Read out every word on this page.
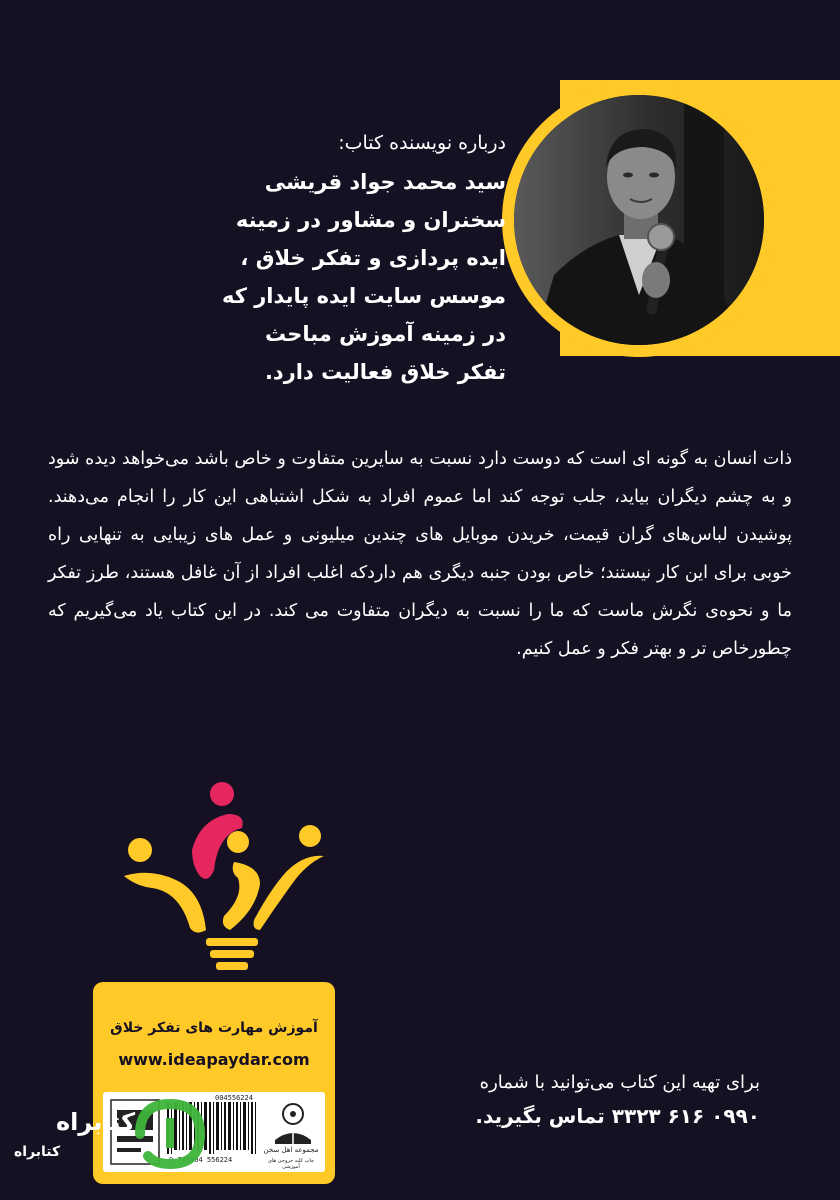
درباره نویسنده کتاب:

سید محمد جواد قریشی سخنران و مشاور در زمینه ایده پردازی و تفکر خلاق ، موسس سایت ایده پایدار که در زمینه آموزش مباحث تفکر خلاق فعالیت دارد.

ذات انسان به گونه ای است که دوست دارد نسبت به سایرین متفاوت و خاص باشد می‌خواهد دیده شود و به چشم دیگران بیاید، جلب توجه کند اما عموم افراد به شکل اشتباهی این کار را انجام می‌دهند. پوشیدن لباس‌های گران قیمت، خریدن موبایل های چندین میلیونی و عمل های زیبایی به تنهایی راه خوبی برای این کار نیستند؛ خاص بودن جنبه دیگری هم داردکه اغلب افراد از آن غافل هستند، طرز تفکر ما و نحوه‌ی نگرش ماست که ما را نسبت به دیگران متفاوت می کند. در این کتاب یاد می‌گیریم که چطورخاص تر و بهتر فکر و عمل کنیم.

آموزش مهارت های تفکر خلاق
www.ideapaydar.com
004556224
9 786004 556224
مجموعه اهل سخن
چاپ کلیه خروجی های آموزشی
برای تهیه این کتاب می‌توانید با شماره
۰۹۹۰ ۶۱۶ ۳۳۲۳ تماس بگیرید.
کتابراه
کتابراه
